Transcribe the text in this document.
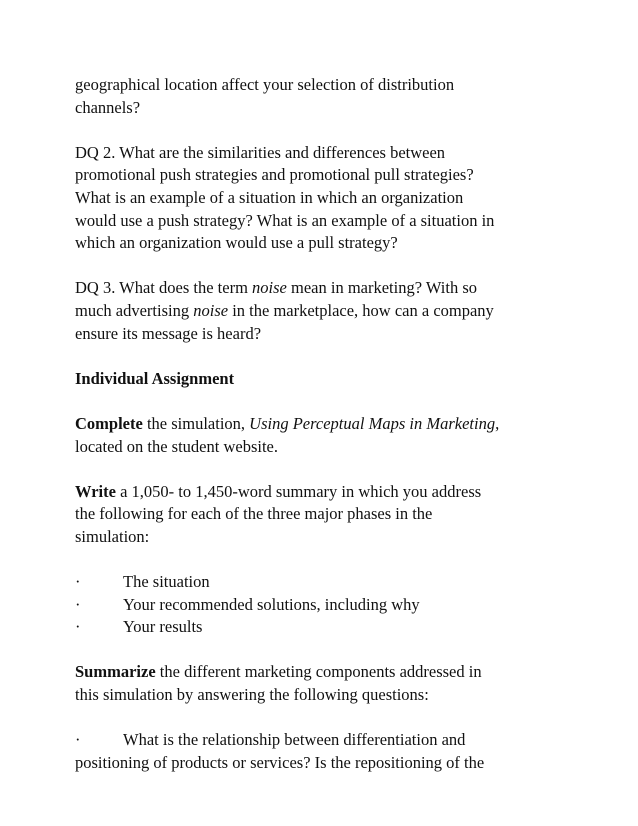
geographical location affect your selection of distribution
channels?

DQ 2. What are the similarities and differences between
promotional push strategies and promotional pull strategies?
What is an example of a situation in which an organization
would use a push strategy? What is an example of a situation in
which an organization would use a pull strategy?

DQ 3. What does the term noise mean in marketing? With so
much advertising noise in the marketplace, how can a company
ensure its message is heard?

Individual Assignment

Complete the simulation, Using Perceptual Maps in Marketing,
located on the student website.

Write a 1,050- to 1,450-word summary in which you address
the following for each of the three major phases in the
simulation:

·	The situation
·	Your recommended solutions, including why
·	Your results

Summarize the different marketing components addressed in
this simulation by answering the following questions:

·	What is the relationship between differentiation and
positioning of products or services? Is the repositioning of the
